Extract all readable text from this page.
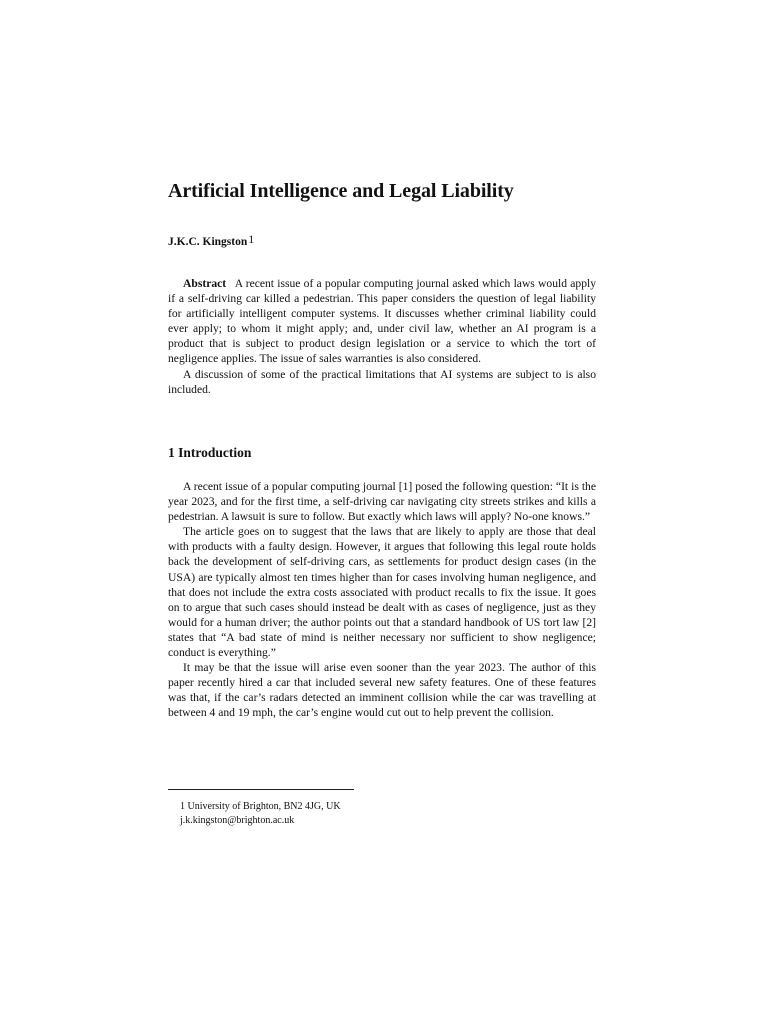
Artificial Intelligence and Legal Liability
J.K.C. Kingston$^1$

Abstract A recent issue of a popular computing journal asked which laws would apply if a self-driving car killed a pedestrian. This paper considers the question of legal liability for artificially intelligent computer systems. It discusses whether criminal liability could ever apply; to whom it might apply; and, under civil law, whether an AI program is a product that is subject to product design legislation or a service to which the tort of negligence applies. The issue of sales warranties is also considered.

A discussion of some of the practical limitations that AI systems are subject to is also included.

1 Introduction

A recent issue of a popular computing journal [1] posed the following question: “It is the year 2023, and for the first time, a self-driving car navigating city streets strikes and kills a pedestrian. A lawsuit is sure to follow. But exactly which laws will apply? No-one knows.”

The article goes on to suggest that the laws that are likely to apply are those that deal with products with a faulty design. However, it argues that following this legal route holds back the development of self-driving cars, as settlements for product design cases (in the USA) are typically almost ten times higher than for cases involving human negligence, and that does not include the extra costs associated with product recalls to fix the issue. It goes on to argue that such cases should instead be dealt with as cases of negligence, just as they would for a human driver; the author points out that a standard handbook of US tort law [2] states that “A bad state of mind is neither necessary nor sufficient to show negligence; conduct is everything.”

It may be that the issue will arise even sooner than the year 2023. The author of this paper recently hired a car that included several new safety features. One of these features was that, if the car’s radars detected an imminent collision while the car was travelling at between 4 and 19 mph, the car’s engine would cut out to help prevent the collision.

1 University of Brighton, BN2 4JG, UK
j.k.kingston@brighton.ac.uk
